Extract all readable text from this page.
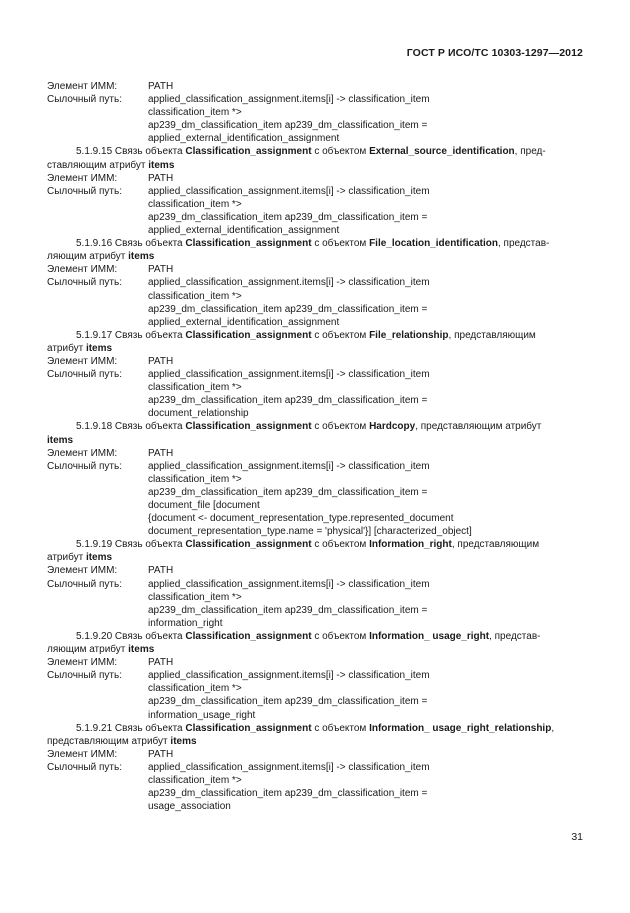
ГОСТ Р ИСО/ТС 10303-1297—2012
Элемент ИММ:	PATH
Сылочный путь:	applied_classification_assignment.items[i] -> classification_item
classification_item *>
ap239_dm_classification_item ap239_dm_classification_item =
applied_external_identification_assignment
5.1.9.15 Связь объекта Classification_assignment с объектом External_source_identification, пред-
ставляющим атрибут items
Элемент ИММ:	PATH
Сылочный путь:	applied_classification_assignment.items[i] -> classification_item
classification_item *>
ap239_dm_classification_item ap239_dm_classification_item =
applied_external_identification_assignment
5.1.9.16 Связь объекта Classification_assignment с объектом File_location_identification, представ-
ляющим атрибут items
Элемент ИММ:	PATH
Сылочный путь:	applied_classification_assignment.items[i] -> classification_item
classification_item *>
ap239_dm_classification_item ap239_dm_classification_item =
applied_external_identification_assignment
5.1.9.17 Связь объекта Classification_assignment с объектом File_relationship, представляющим
атрибут items
Элемент ИММ:	PATH
Сылочный путь:	applied_classification_assignment.items[i] -> classification_item
classification_item *>
ap239_dm_classification_item ap239_dm_classification_item =
document_relationship
5.1.9.18 Связь объекта Classification_assignment с объектом Hardcopy, представляющим атрибут
items
Элемент ИММ:	PATH
Сылочный путь:	applied_classification_assignment.items[i] -> classification_item
classification_item *>
ap239_dm_classification_item ap239_dm_classification_item =
document_file [document
{document <- document_representation_type.represented_document
document_representation_type.name = 'physical'}] [characterized_object]
5.1.9.19 Связь объекта Classification_assignment с объектом Information_right, представляющим
атрибут items
Элемент ИММ:	PATH
Сылочный путь:	applied_classification_assignment.items[i] -> classification_item
classification_item *>
ap239_dm_classification_item ap239_dm_classification_item =
information_right
5.1.9.20 Связь объекта Classification_assignment с объектом Information_ usage_right, представ-
ляющим атрибут items
Элемент ИММ:	PATH
Сылочный путь:	applied_classification_assignment.items[i] -> classification_item
classification_item *>
ap239_dm_classification_item ap239_dm_classification_item =
information_usage_right
5.1.9.21 Связь объекта Classification_assignment с объектом Information_ usage_right_relationship,
представляющим атрибут items
Элемент ИММ:	PATH
Сылочный путь:	applied_classification_assignment.items[i] -> classification_item
classification_item *>
ap239_dm_classification_item ap239_dm_classification_item =
usage_association
31
